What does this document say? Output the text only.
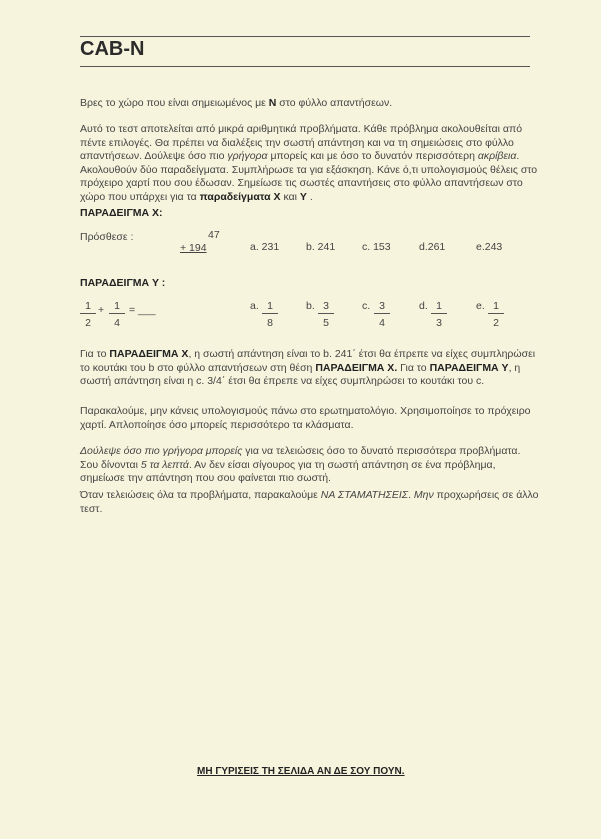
CAB-N
Βρες το χώρο που είναι σημειωμένος με N στο φύλλο απαντήσεων.
Αυτό το τεστ αποτελείται από μικρά αριθμητικά προβλήματα. Κάθε πρόβλημα ακολουθείται από πέντε επιλογές. Θα πρέπει να διαλέξεις την σωστή απάντηση και να τη σημειώσεις στο φύλλο απαντήσεων. Δούλεψε όσο πιο γρήγορα μπορείς και με όσο το δυνατόν περισσότερη ακρίβεια. Ακολουθούν δύο παραδείγματα. Συμπλήρωσε τα για εξάσκηση. Κάνε ό,τι υπολογισμούς θέλεις στο πρόχειρο χαρτί που σου έδωσαν. Σημείωσε τις σωστές απαντήσεις στο φύλλο απαντήσεων στο χώρο που υπάρχει για τα παραδείγματα X και Y .
ΠΑΡΑΔΕΙΓΜΑ X:
Πρόσθεσε :	47
+ 194	a. 231	b. 241	c. 153	d.261	e.243
ΠΑΡΑΔΕΙΓΜΑ Y :
$\frac{1}{2} + \frac{1}{4}$ = ___	a. $\frac{1}{8}$	b. $\frac{3}{5}$	c. $\frac{3}{4}$	d. $\frac{1}{3}$	e. $\frac{1}{2}$
Για το ΠΑΡΑΔΕΙΓΜΑ X, η σωστή απάντηση είναι το b. 241΄ έτσι θα έπρεπε να είχες συμπληρώσει το κουτάκι του b στο φύλλο απαντήσεων στη θέση ΠΑΡΑΔΕΙΓΜΑ X. Για το ΠΑΡΑΔΕΙΓΜΑ Y, η σωστή απάντηση είναι η c. 3/4΄ έτσι θα έπρεπε να είχες συμπληρώσει το κουτάκι του c.
Παρακαλούμε, μην κάνεις υπολογισμούς πάνω στο ερωτηματολόγιο. Χρησιμοποίησε το πρόχειρο χαρτί. Απλοποίησε όσο μπορείς περισσότερο τα κλάσματα.
Δούλεψε όσο πιο γρήγορα μπορείς για να τελειώσεις όσο το δυνατό περισσότερα προβλήματα. Σου δίνονται 5 τα λεπτά. Αν δεν είσαι σίγουρος για τη σωστή απάντηση σε ένα πρόβλημα, σημείωσε την απάντηση που σου φαίνεται πιο σωστή.
Όταν τελειώσεις όλα τα προβλήματα, παρακαλούμε ΝΑ ΣΤΑΜΑΤΗΣΕΙΣ. Μην προχωρήσεις σε άλλο τεστ.
ΜΗ ΓΥΡΙΣΕΙΣ ΤΗ ΣΕΛΙΔΑ ΑΝ ΔΕ ΣΟΥ ΠΟΥΝ.
